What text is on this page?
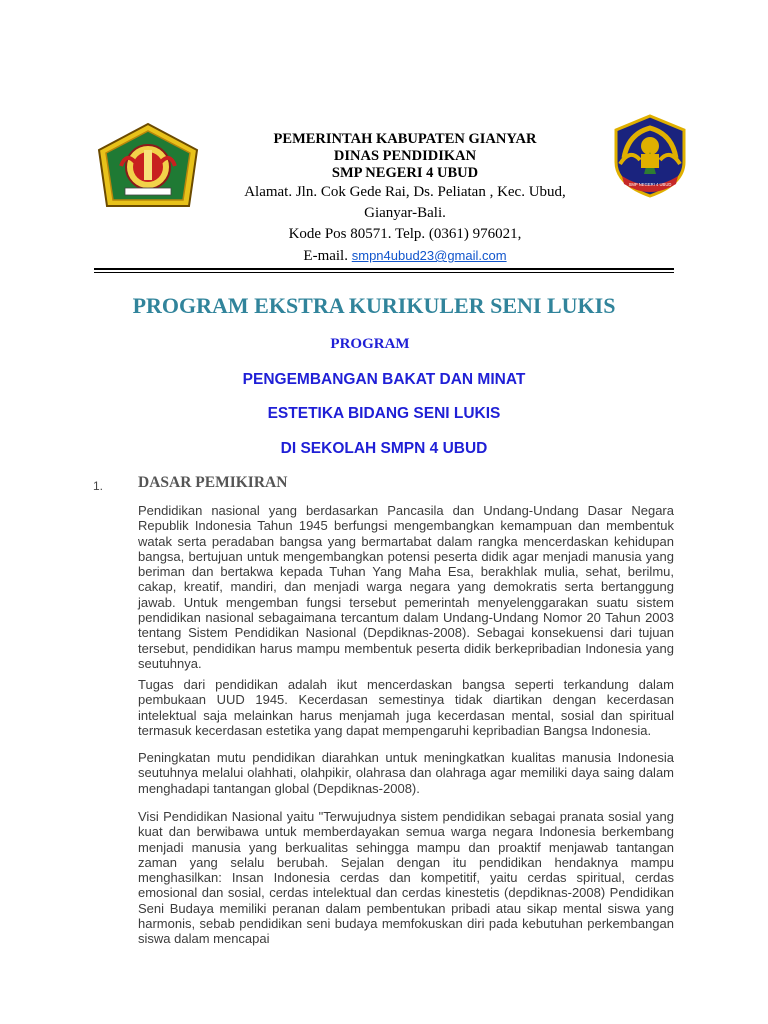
PEMERINTAH KABUPATEN GIANYAR
DINAS PENDIDIKAN
SMP NEGERI 4 UBUD
Alamat. Jln. Cok Gede Rai, Ds. Peliatan , Kec. Ubud,
Gianyar-Bali.
Kode Pos 80571. Telp. (0361) 976021,
E-mail. smpn4ubud23@gmail.com
SMP NEGERI 4 UBUD
PROGRAM EKSTRA KURIKULER SENI LUKIS
PROGRAM
PENGEMBANGAN BAKAT DAN MINAT
ESTETIKA BIDANG SENI LUKIS
DI SEKOLAH SMPN 4 UBUD
1. DASAR PEMIKIRAN

Pendidikan nasional yang berdasarkan Pancasila dan Undang-Undang Dasar Negara Republik Indonesia Tahun 1945 berfungsi mengembangkan kemampuan dan membentuk watak serta peradaban bangsa yang bermartabat dalam rangka mencerdaskan kehidupan bangsa, bertujuan untuk mengembangkan potensi peserta didik agar menjadi manusia yang beriman dan bertakwa kepada Tuhan Yang Maha Esa, berakhlak mulia, sehat, berilmu, cakap, kreatif, mandiri, dan menjadi warga negara yang demokratis serta bertanggung jawab. Untuk mengemban fungsi tersebut pemerintah menyelenggarakan suatu sistem pendidikan nasional sebagaimana tercantum dalam Undang-Undang Nomor 20 Tahun 2003 tentang Sistem Pendidikan Nasional (Depdiknas-2008). Sebagai konsekuensi dari tujuan tersebut, pendidikan harus mampu membentuk peserta didik berkepribadian Indonesia yang seutuhnya.

Tugas dari pendidikan adalah ikut mencerdaskan bangsa seperti terkandung dalam pembukaan UUD 1945. Kecerdasan semestinya tidak diartikan dengan kecerdasan intelektual saja melainkan harus menjamah juga kecerdasan mental, sosial dan spiritual termasuk kecerdasan estetika yang dapat mempengaruhi kepribadian Bangsa Indonesia.

Peningkatan mutu pendidikan diarahkan untuk meningkatkan kualitas manusia Indonesia seutuhnya melalui olahhati, olahpikir, olahrasa dan olahraga agar memiliki daya saing dalam menghadapi tantangan global (Depdiknas-2008).

Visi Pendidikan Nasional yaitu "Terwujudnya sistem pendidikan sebagai pranata sosial yang kuat dan berwibawa untuk memberdayakan semua warga negara Indonesia berkembang menjadi manusia yang berkualitas sehingga mampu dan proaktif menjawab tantangan zaman yang selalu berubah. Sejalan dengan itu pendidikan hendaknya mampu menghasilkan: Insan Indonesia cerdas dan kompetitif, yaitu cerdas spiritual, cerdas emosional dan sosial, cerdas intelektual dan cerdas kinestetis (depdiknas-2008) Pendidikan Seni Budaya memiliki peranan dalam pembentukan pribadi atau sikap mental siswa yang harmonis, sebab pendidikan seni budaya memfokuskan diri pada kebutuhan perkembangan siswa dalam mencapai
